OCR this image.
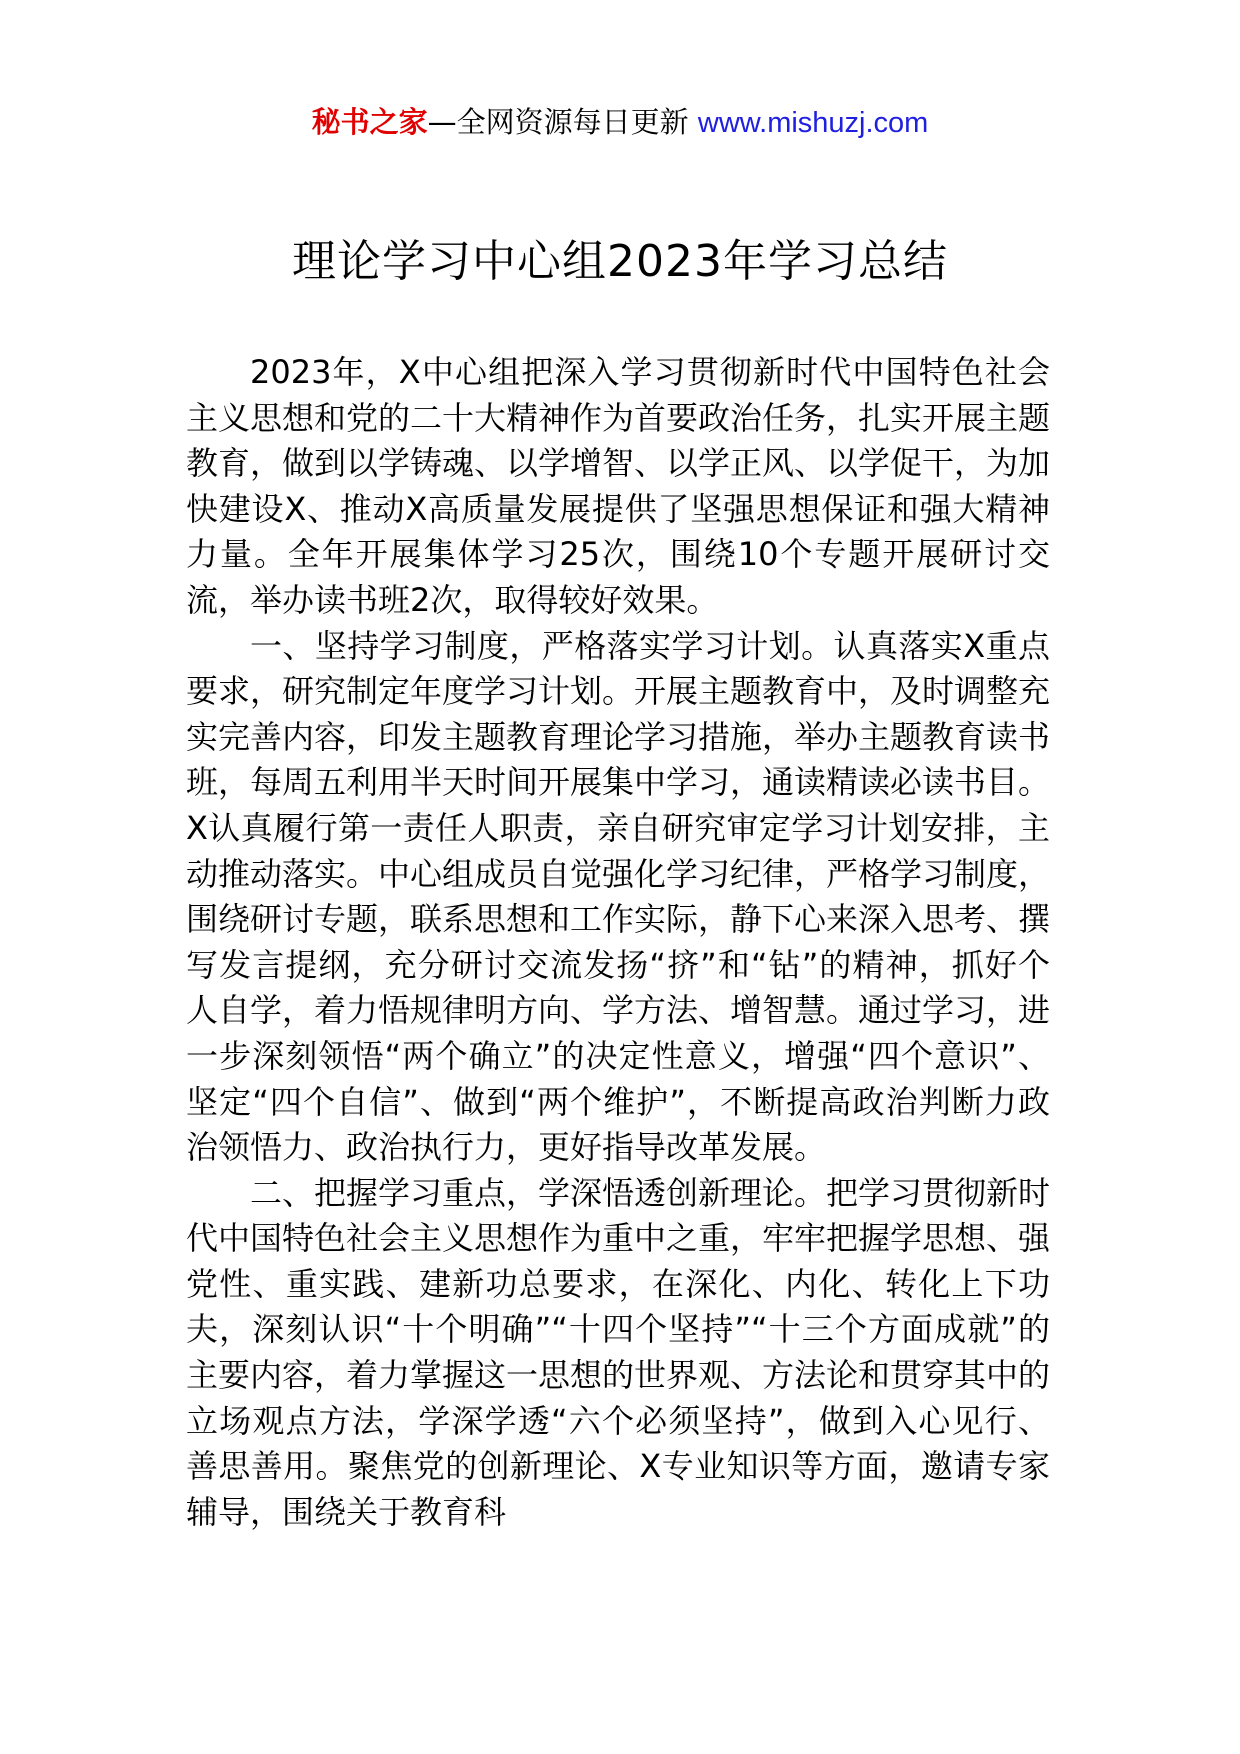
秘书之家—全网资源每日更新 www.mishuzj.com
理论学习中心组2023年学习总结

2023年，X中心组把深入学习贯彻新时代中国特色社会主义思想和党的二十大精神作为首要政治任务，扎实开展主题教育，做到以学铸魂、以学增智、以学正风、以学促干，为加快建设X、推动X高质量发展提供了坚强思想保证和强大精神力量。全年开展集体学习25次，围绕10个专题开展研讨交流，举办读书班2次，取得较好效果。

一、坚持学习制度，严格落实学习计划。认真落实X重点要求，研究制定年度学习计划。开展主题教育中，及时调整充实完善内容，印发主题教育理论学习措施，举办主题教育读书班，每周五利用半天时间开展集中学习，通读精读必读书目。X认真履行第一责任人职责，亲自研究审定学习计划安排，主动推动落实。中心组成员自觉强化学习纪律，严格学习制度，围绕研讨专题，联系思想和工作实际，静下心来深入思考、撰写发言提纲，充分研讨交流发扬“挤”和“钻”的精神，抓好个人自学，着力悟规律明方向、学方法、增智慧。通过学习，进一步深刻领悟“两个确立”的决定性意义，增强“四个意识”、坚定“四个自信”、做到“两个维护”，不断提高政治判断力政治领悟力、政治执行力，更好指导改革发展。

二、把握学习重点，学深悟透创新理论。把学习贯彻新时代中国特色社会主义思想作为重中之重，牢牢把握学思想、强党性、重实践、建新功总要求，在深化、内化、转化上下功夫，深刻认识“十个明确”“十四个坚持”“十三个方面成就”的主要内容，着力掌握这一思想的世界观、方法论和贯穿其中的立场观点方法，学深学透“六个必须坚持”，做到入心见行、善思善用。聚焦党的创新理论、X专业知识等方面，邀请专家辅导，围绕关于教育科
